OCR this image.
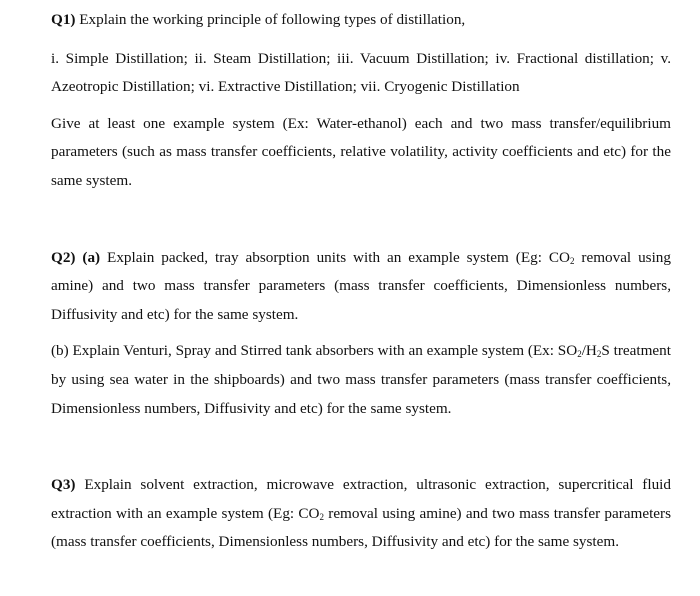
Q1) Explain the working principle of following types of distillation,

i. Simple Distillation; ii. Steam Distillation; iii. Vacuum Distillation; iv. Fractional distillation; v. Azeotropic Distillation; vi. Extractive Distillation; vii. Cryogenic Distillation

Give at least one example system (Ex: Water-ethanol) each and two mass transfer/equilibrium parameters (such as mass transfer coefficients, relative volatility, activity coefficients and etc) for the same system.

Q2) (a) Explain packed, tray absorption units with an example system (Eg: $CO_2$ removal using amine) and two mass transfer parameters (mass transfer coefficients, Dimensionless numbers, Diffusivity and etc) for the same system.

(b) Explain Venturi, Spray and Stirred tank absorbers with an example system (Ex: $SO_2/H_2S$ treatment by using sea water in the shipboards) and two mass transfer parameters (mass transfer coefficients, Dimensionless numbers, Diffusivity and etc) for the same system.

Q3) Explain solvent extraction, microwave extraction, ultrasonic extraction, supercritical fluid extraction with an example system (Eg: $CO_2$ removal using amine) and two mass transfer parameters (mass transfer coefficients, Dimensionless numbers, Diffusivity and etc) for the same system.
